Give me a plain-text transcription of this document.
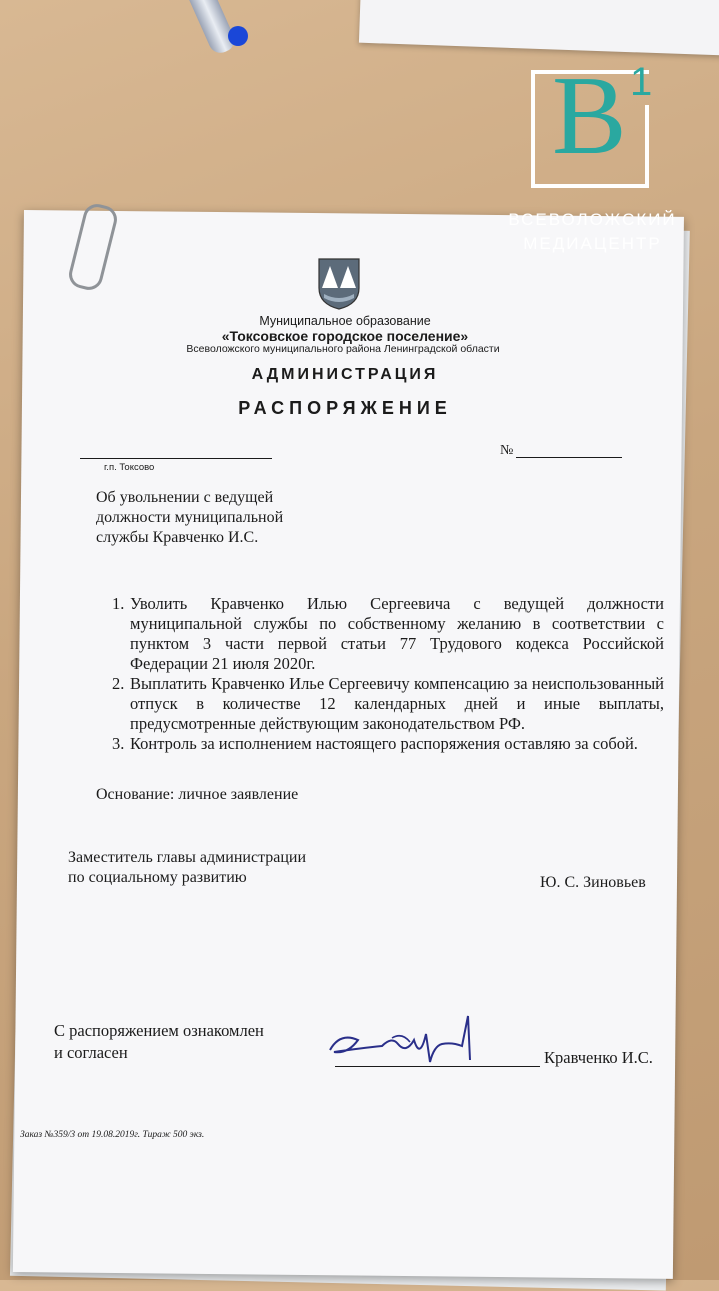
B 1
ВСЕВОЛОЖСКИЙ
МЕДИАЦЕНТР
Муниципальное образование
«Токсовское городское поселение»
Всеволожского муниципального района Ленинградской области
АДМИНИСТРАЦИЯ
РАСПОРЯЖЕНИЕ
г.п. Токсово
№
Об увольнении с ведущей
должности муниципальной
службы Кравченко И.С.
1. Уволить Кравченко Илью Сергеевича с ведущей должности муниципальной службы по собственному желанию в соответствии с пунктом 3 части первой статьи 77 Трудового кодекса Российской Федерации 21 июля 2020г.
2. Выплатить Кравченко Илье Сергеевичу компенсацию за неиспользованный отпуск в количестве 12 календарных дней и иные выплаты, предусмотренные действующим законодательством РФ.
3. Контроль за исполнением настоящего распоряжения оставляю за собой.
Основание: личное заявление
Заместитель главы администрации
по социальному развитию	Ю. С. Зиновьев
С распоряжением ознакомлен
и согласен	Кравченко И.С.
Заказ №359/3 от 19.08.2019г. Тираж 500 экз.
